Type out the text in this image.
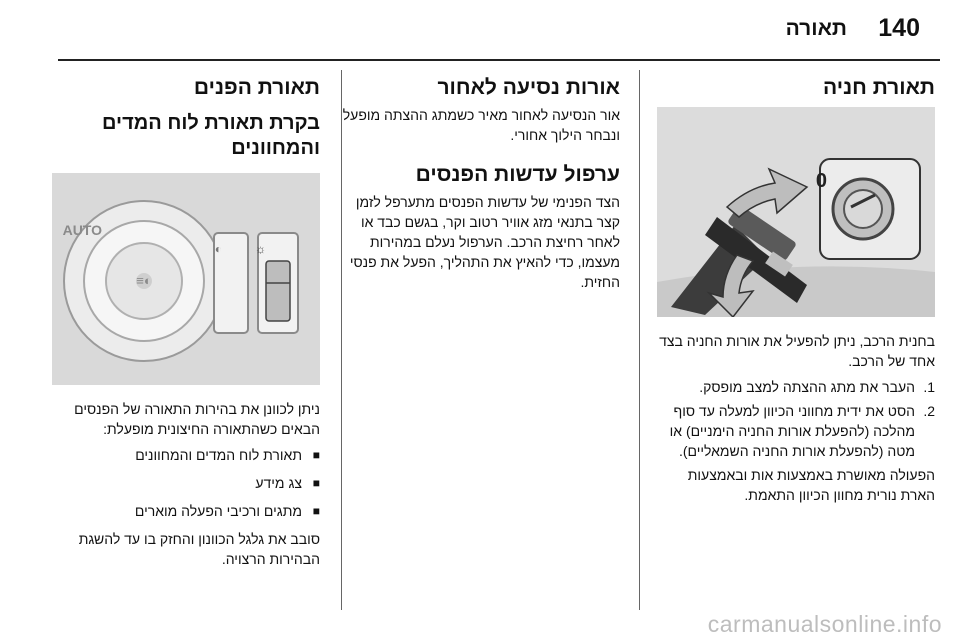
תאורה 140
תאורת חניה
0

בחנית הרכב, ניתן להפעיל את אורות החניה בצד אחד של הרכב.

1.
העבר את מתג ההצתה למצב מופסק.
2.
הסט את ידית מחווני הכיוון למעלה עד סוף מהלכה (להפעלת אורות החניה הימניים) או מטה (להפעלת אורות החניה השמאליים).

הפעולה מאושרת באמצעות אות ובאמצעות הארת נורית מחוון הכיוון התאמת.

אורות נסיעה לאחור

אור הנסיעה לאחור מאיר כשמתג ההצתה מופעל ונבחר הילוך אחורי.

ערפול עדשות הפנסים

הצד הפנימי של עדשות הפנסים מתערפל לזמן קצר בתנאי מזג אוויר רטוב וקר, בגשם כבד או לאחר רחיצת הרכב. הערפול נעלם במהירות מעצמו, כדי להאיץ את התהליך, הפעל את פנסי החזית.

תאורת הפנים
בקרת תאורת לוח המדים והמחוונים
AUTO
◐≡
◐	☼

ניתן לכוונן את בהירות התאורה של הפנסים הבאים כשהתאורה החיצונית מופעלת:

■
תאורת לוח המדים והמחוונים
■
צג מידע
■
מתגים ורכיבי הפעלה מוארים

סובב את גלגל הכוונון והחזק בו עד להשגת הבהירות הרצויה.

carmanualsonline.info
